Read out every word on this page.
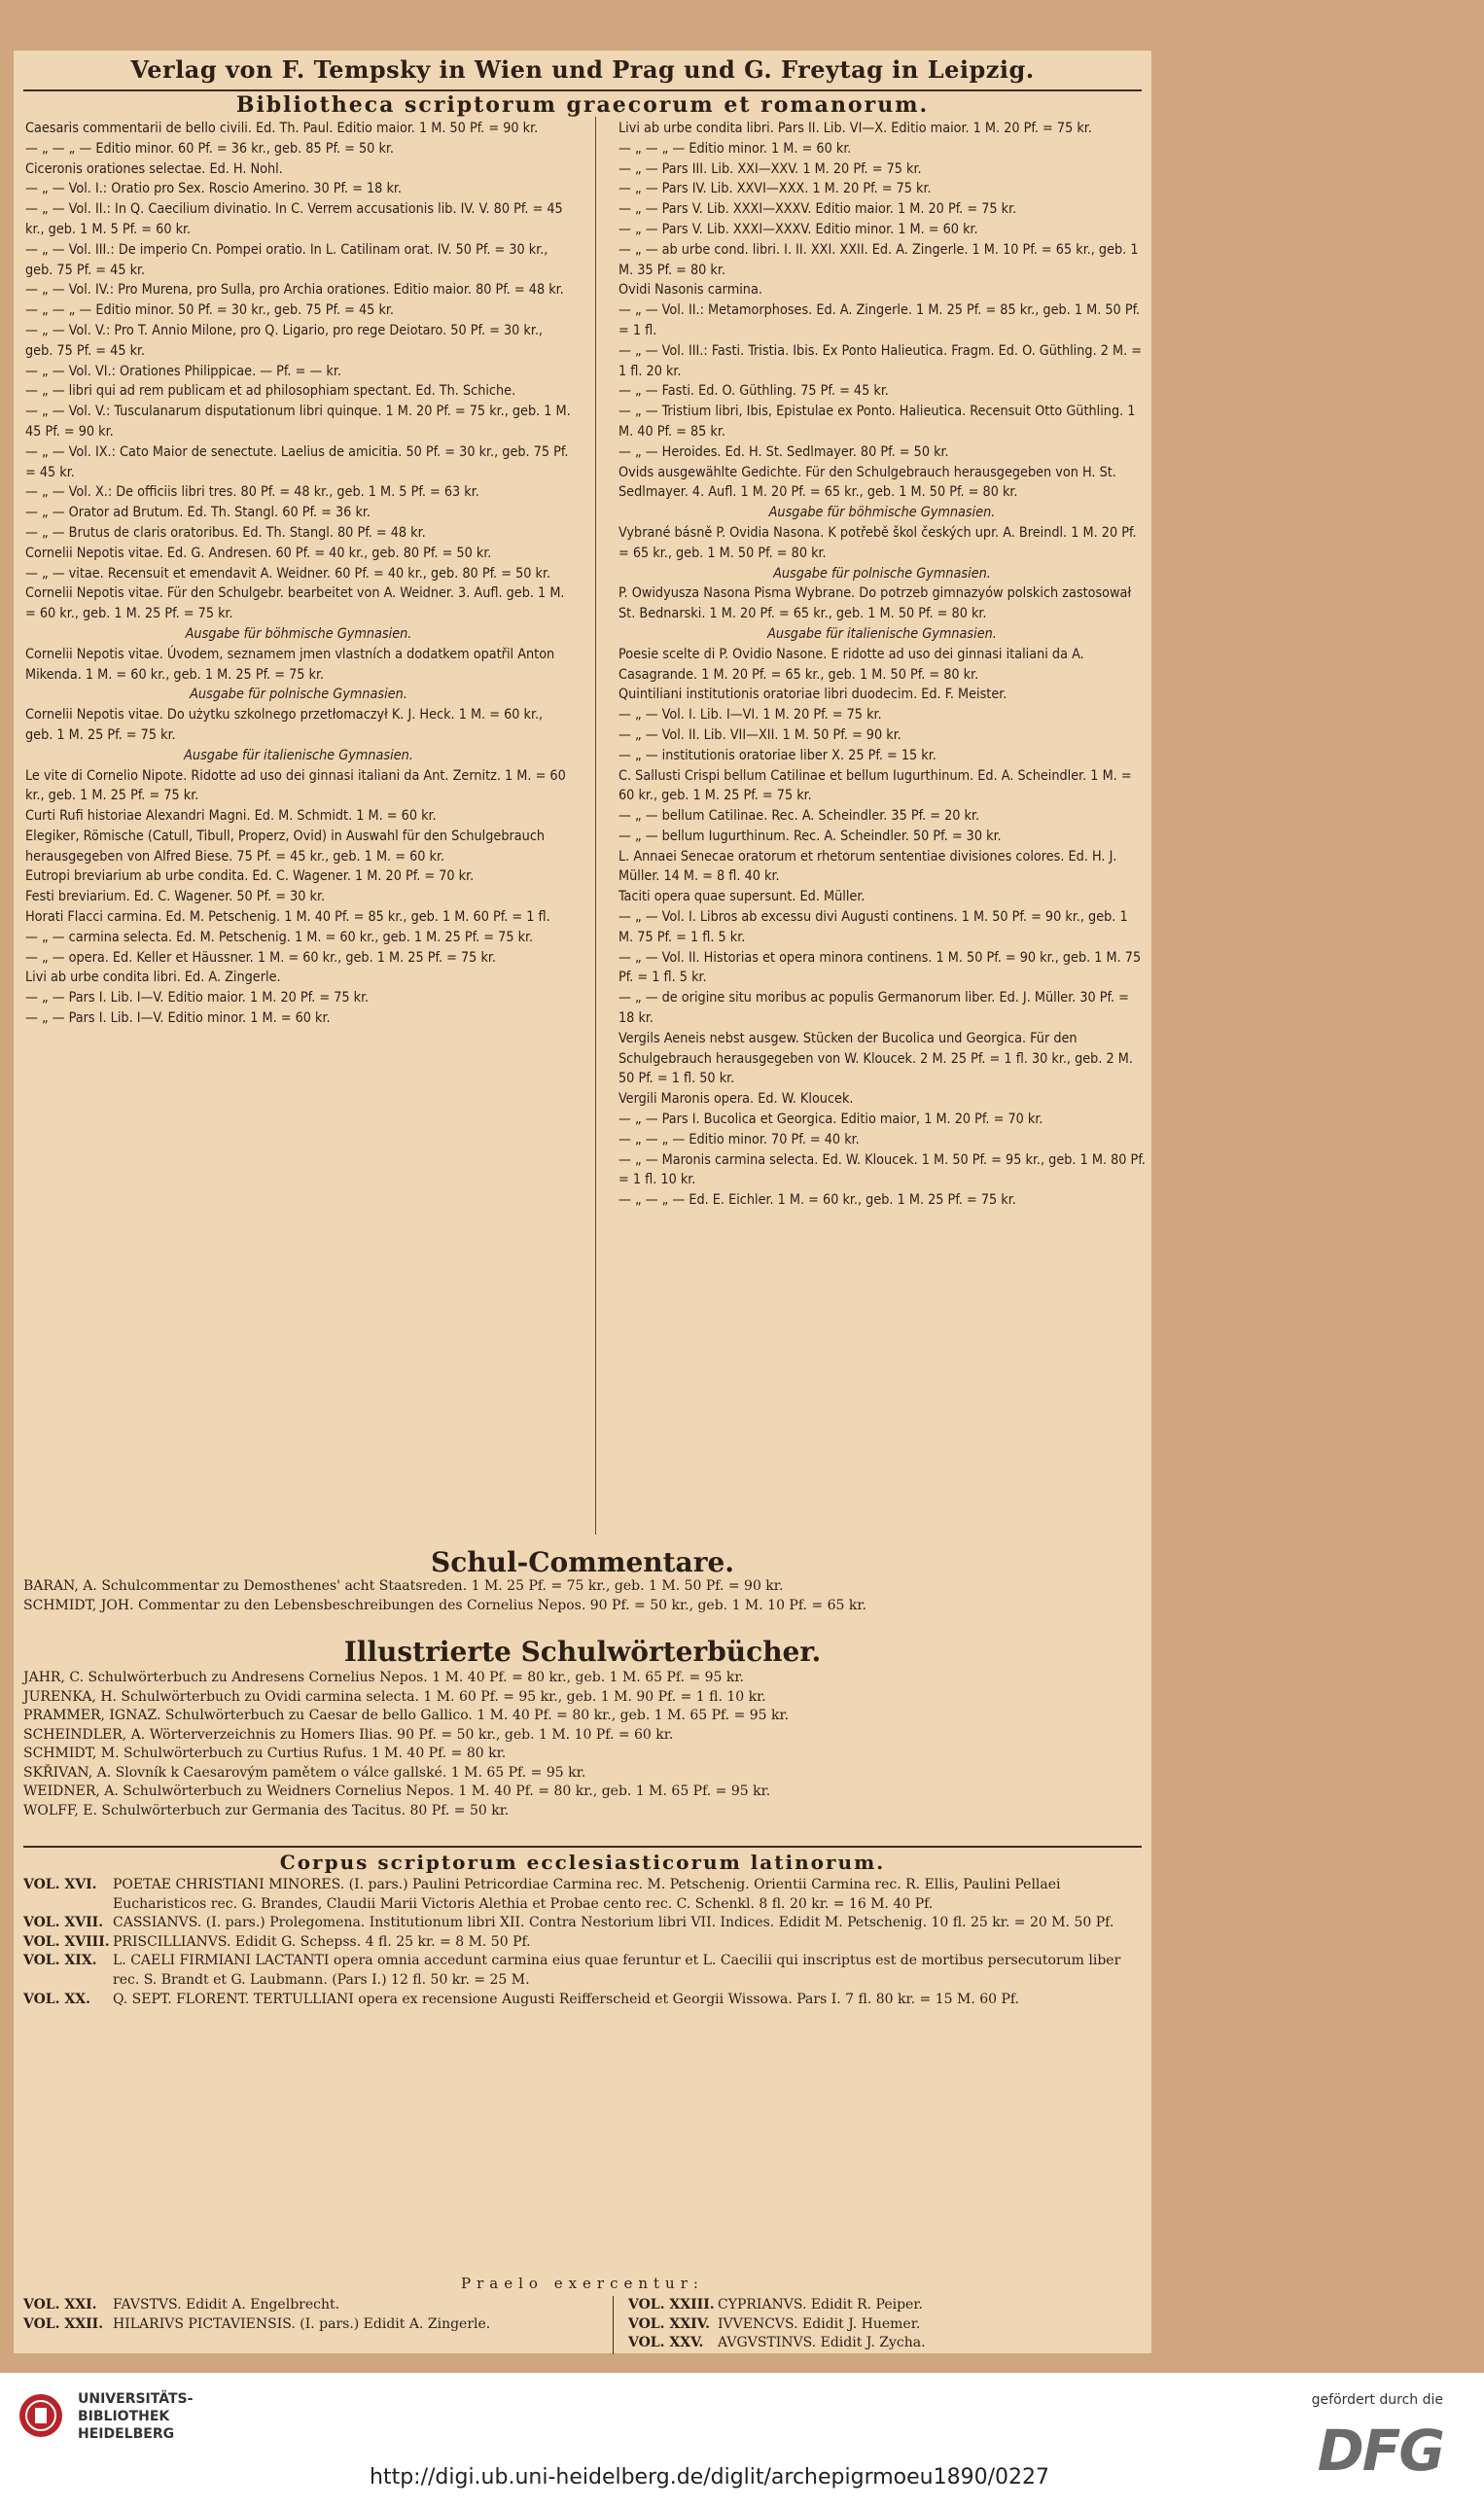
Verlag von F. Tempsky in Wien und Prag und G. Freytag in Leipzig.
Bibliotheca scriptorum graecorum et romanorum.

Caesaris commentarii de bello civili. Ed. Th. Paul. Editio maior. 1 M. 50 Pf. = 90 kr.

— „ — „ — Editio minor. 60 Pf. = 36 kr., geb. 85 Pf. = 50 kr.

Ciceronis orationes selectae. Ed. H. Nohl.

— „ — Vol. I.: Oratio pro Sex. Roscio Amerino. 30 Pf. = 18 kr.

— „ — Vol. II.: In Q. Caecilium divinatio. In C. Verrem accusationis lib. IV. V. 80 Pf. = 45 kr., geb. 1 M. 5 Pf. = 60 kr.

— „ — Vol. III.: De imperio Cn. Pompei oratio. In L. Catilinam orat. IV. 50 Pf. = 30 kr., geb. 75 Pf. = 45 kr.

— „ — Vol. IV.: Pro Murena, pro Sulla, pro Archia orationes. Editio maior. 80 Pf. = 48 kr.

— „ — „ — Editio minor. 50 Pf. = 30 kr., geb. 75 Pf. = 45 kr.

— „ — Vol. V.: Pro T. Annio Milone, pro Q. Ligario, pro rege Deiotaro. 50 Pf. = 30 kr., geb. 75 Pf. = 45 kr.

— „ — Vol. VI.: Orationes Philippicae. — Pf. = — kr.

— „ — libri qui ad rem publicam et ad philosophiam spectant. Ed. Th. Schiche.

— „ — Vol. V.: Tusculanarum disputationum libri quinque. 1 M. 20 Pf. = 75 kr., geb. 1 M. 45 Pf. = 90 kr.

— „ — Vol. IX.: Cato Maior de senectute. Laelius de amicitia. 50 Pf. = 30 kr., geb. 75 Pf. = 45 kr.

— „ — Vol. X.: De officiis libri tres. 80 Pf. = 48 kr., geb. 1 M. 5 Pf. = 63 kr.

— „ — Orator ad Brutum. Ed. Th. Stangl. 60 Pf. = 36 kr.

— „ — Brutus de claris oratoribus. Ed. Th. Stangl. 80 Pf. = 48 kr.

Cornelii Nepotis vitae. Ed. G. Andresen. 60 Pf. = 40 kr., geb. 80 Pf. = 50 kr.

— „ — vitae. Recensuit et emendavit A. Weidner. 60 Pf. = 40 kr., geb. 80 Pf. = 50 kr.

Cornelii Nepotis vitae. Für den Schulgebr. bearbeitet von A. Weidner. 3. Aufl. geb. 1 M. = 60 kr., geb. 1 M. 25 Pf. = 75 kr.

Ausgabe für böhmische Gymnasien.

Cornelii Nepotis vitae. Úvodem, seznamem jmen vlastních a dodatkem opatřil Anton Mikenda. 1 M. = 60 kr., geb. 1 M. 25 Pf. = 75 kr.

Ausgabe für polnische Gymnasien.

Cornelii Nepotis vitae. Do użytku szkolnego przetłomaczył K. J. Heck. 1 M. = 60 kr., geb. 1 M. 25 Pf. = 75 kr.

Ausgabe für italienische Gymnasien.

Le vite di Cornelio Nipote. Ridotte ad uso dei ginnasi italiani da Ant. Zernitz. 1 M. = 60 kr., geb. 1 M. 25 Pf. = 75 kr.

Curti Rufi historiae Alexandri Magni. Ed. M. Schmidt. 1 M. = 60 kr.

Elegiker, Römische (Catull, Tibull, Properz, Ovid) in Auswahl für den Schulgebrauch herausgegeben von Alfred Biese. 75 Pf. = 45 kr., geb. 1 M. = 60 kr.

Eutropi breviarium ab urbe condita. Ed. C. Wagener. 1 M. 20 Pf. = 70 kr.

Festi breviarium. Ed. C. Wagener. 50 Pf. = 30 kr.

Horati Flacci carmina. Ed. M. Petschenig. 1 M. 40 Pf. = 85 kr., geb. 1 M. 60 Pf. = 1 fl.

— „ — carmina selecta. Ed. M. Petschenig. 1 M. = 60 kr., geb. 1 M. 25 Pf. = 75 kr.

— „ — opera. Ed. Keller et Häussner. 1 M. = 60 kr., geb. 1 M. 25 Pf. = 75 kr.

Livi ab urbe condita libri. Ed. A. Zingerle.

— „ — Pars I. Lib. I—V. Editio maior. 1 M. 20 Pf. = 75 kr.

— „ — Pars I. Lib. I—V. Editio minor. 1 M. = 60 kr.

Livi ab urbe condita libri. Pars II. Lib. VI—X. Editio maior. 1 M. 20 Pf. = 75 kr.

— „ — „ — Editio minor. 1 M. = 60 kr.

— „ — Pars III. Lib. XXI—XXV. 1 M. 20 Pf. = 75 kr.

— „ — Pars IV. Lib. XXVI—XXX. 1 M. 20 Pf. = 75 kr.

— „ — Pars V. Lib. XXXI—XXXV. Editio maior. 1 M. 20 Pf. = 75 kr.

— „ — Pars V. Lib. XXXI—XXXV. Editio minor. 1 M. = 60 kr.

— „ — ab urbe cond. libri. I. II. XXI. XXII. Ed. A. Zingerle. 1 M. 10 Pf. = 65 kr., geb. 1 M. 35 Pf. = 80 kr.

Ovidi Nasonis carmina.

— „ — Vol. II.: Metamorphoses. Ed. A. Zingerle. 1 M. 25 Pf. = 85 kr., geb. 1 M. 50 Pf. = 1 fl.

— „ — Vol. III.: Fasti. Tristia. Ibis. Ex Ponto Halieutica. Fragm. Ed. O. Güthling. 2 M. = 1 fl. 20 kr.

— „ — Fasti. Ed. O. Güthling. 75 Pf. = 45 kr.

— „ — Tristium libri, Ibis, Epistulae ex Ponto. Halieutica. Recensuit Otto Güthling. 1 M. 40 Pf. = 85 kr.

— „ — Heroides. Ed. H. St. Sedlmayer. 80 Pf. = 50 kr.

Ovids ausgewählte Gedichte. Für den Schulgebrauch herausgegeben von H. St. Sedlmayer. 4. Aufl. 1 M. 20 Pf. = 65 kr., geb. 1 M. 50 Pf. = 80 kr.

Ausgabe für böhmische Gymnasien.

Vybrané básně P. Ovidia Nasona. K potřebě škol českých upr. A. Breindl. 1 M. 20 Pf. = 65 kr., geb. 1 M. 50 Pf. = 80 kr.

Ausgabe für polnische Gymnasien.

P. Owidyusza Nasona Pisma Wybrane. Do potrzeb gimnazyów polskich zastosował St. Bednarski. 1 M. 20 Pf. = 65 kr., geb. 1 M. 50 Pf. = 80 kr.

Ausgabe für italienische Gymnasien.

Poesie scelte di P. Ovidio Nasone. E ridotte ad uso dei ginnasi italiani da A. Casagrande. 1 M. 20 Pf. = 65 kr., geb. 1 M. 50 Pf. = 80 kr.

Quintiliani institutionis oratoriae libri duodecim. Ed. F. Meister.

— „ — Vol. I. Lib. I—VI. 1 M. 20 Pf. = 75 kr.

— „ — Vol. II. Lib. VII—XII. 1 M. 50 Pf. = 90 kr.

— „ — institutionis oratoriae liber X. 25 Pf. = 15 kr.

C. Sallusti Crispi bellum Catilinae et bellum Iugurthinum. Ed. A. Scheindler. 1 M. = 60 kr., geb. 1 M. 25 Pf. = 75 kr.

— „ — bellum Catilinae. Rec. A. Scheindler. 35 Pf. = 20 kr.

— „ — bellum Iugurthinum. Rec. A. Scheindler. 50 Pf. = 30 kr.

L. Annaei Senecae oratorum et rhetorum sententiae divisiones colores. Ed. H. J. Müller. 14 M. = 8 fl. 40 kr.

Taciti opera quae supersunt. Ed. Müller.

— „ — Vol. I. Libros ab excessu divi Augusti continens. 1 M. 50 Pf. = 90 kr., geb. 1 M. 75 Pf. = 1 fl. 5 kr.

— „ — Vol. II. Historias et opera minora continens. 1 M. 50 Pf. = 90 kr., geb. 1 M. 75 Pf. = 1 fl. 5 kr.

— „ — de origine situ moribus ac populis Germanorum liber. Ed. J. Müller. 30 Pf. = 18 kr.

Vergils Aeneis nebst ausgew. Stücken der Bucolica und Georgica. Für den Schulgebrauch herausgegeben von W. Kloucek. 2 M. 25 Pf. = 1 fl. 30 kr., geb. 2 M. 50 Pf. = 1 fl. 50 kr.

Vergili Maronis opera. Ed. W. Kloucek.

— „ — Pars I. Bucolica et Georgica. Editio maior, 1 M. 20 Pf. = 70 kr.

— „ — „ — Editio minor. 70 Pf. = 40 kr.

— „ — Maronis carmina selecta. Ed. W. Kloucek. 1 M. 50 Pf. = 95 kr., geb. 1 M. 80 Pf. = 1 fl. 10 kr.

— „ — „ — Ed. E. Eichler. 1 M. = 60 kr., geb. 1 M. 25 Pf. = 75 kr.

Schul-Commentare.

BARAN, A. Schulcommentar zu Demosthenes' acht Staatsreden. 1 M. 25 Pf. = 75 kr., geb. 1 M. 50 Pf. = 90 kr.

SCHMIDT, JOH. Commentar zu den Lebensbeschreibungen des Cornelius Nepos. 90 Pf. = 50 kr., geb. 1 M. 10 Pf. = 65 kr.

Illustrierte Schulwörterbücher.

JAHR, C. Schulwörterbuch zu Andresens Cornelius Nepos. 1 M. 40 Pf. = 80 kr., geb. 1 M. 65 Pf. = 95 kr.

JURENKA, H. Schulwörterbuch zu Ovidi carmina selecta. 1 M. 60 Pf. = 95 kr., geb. 1 M. 90 Pf. = 1 fl. 10 kr.

PRAMMER, IGNAZ. Schulwörterbuch zu Caesar de bello Gallico. 1 M. 40 Pf. = 80 kr., geb. 1 M. 65 Pf. = 95 kr.

SCHEINDLER, A. Wörterverzeichnis zu Homers Ilias. 90 Pf. = 50 kr., geb. 1 M. 10 Pf. = 60 kr.

SCHMIDT, M. Schulwörterbuch zu Curtius Rufus. 1 M. 40 Pf. = 80 kr.

SKŘIVAN, A. Slovník k Caesarovým pamětem o válce gallské. 1 M. 65 Pf. = 95 kr.

WEIDNER, A. Schulwörterbuch zu Weidners Cornelius Nepos. 1 M. 40 Pf. = 80 kr., geb. 1 M. 65 Pf. = 95 kr.

WOLFF, E. Schulwörterbuch zur Germania des Tacitus. 80 Pf. = 50 kr.

Corpus scriptorum ecclesiasticorum latinorum.
VOL. XVI.	POETAE CHRISTIANI MINORES. (I. pars.) Paulini Petricordiae Carmina rec. M. Petschenig. Orientii Carmina rec. R. Ellis, Paulini Pellaei Eucharisticos rec. G. Brandes, Claudii Marii Victoris Alethia et Probae cento rec. C. Schenkl. 8 fl. 20 kr. = 16 M. 40 Pf.
VOL. XVII. CASSIANVS. (I. pars.) Prolegomena. Institutionum libri XII. Contra Nestorium libri VII. Indices. Edidit M. Petschenig. 10 fl. 25 kr. = 20 M. 50 Pf.
VOL. XVIII. PRISCILLIANVS. Edidit G. Schepss. 4 fl. 25 kr. = 8 M. 50 Pf.
VOL. XIX.	L. CAELI FIRMIANI LACTANTI opera omnia accedunt carmina eius quae feruntur et L. Caecilii qui inscriptus est de mortibus persecutorum liber rec. S. Brandt et G. Laubmann. (Pars I.) 12 fl. 50 kr. = 25 M.
VOL. XX.	Q. SEPT. FLORENT. TERTULLIANI opera ex recensione Augusti Reifferscheid et Georgii Wissowa. Pars I. 7 fl. 80 kr. = 15 M. 60 Pf.
Praelo exercentur:
VOL. XXI.	FAVSTVS. Edidit A. Engelbrecht.
VOL. XXII. HILARIVS PICTAVIENSIS. (I. pars.) Edidit A. Zingerle.
VOL. XXIII. CYPRIANVS. Edidit R. Peiper.
VOL. XXIV. IVVENCVS. Edidit J. Huemer.
VOL. XXV.	AVGVSTINVS. Edidit J. Zycha.
UNIVERSITÄTS-
BIBLIOTHEK
HEIDELBERG
http://digi.ub.uni-heidelberg.de/diglit/archepigrmoeu1890/0227
gefördert durch die
DFG
